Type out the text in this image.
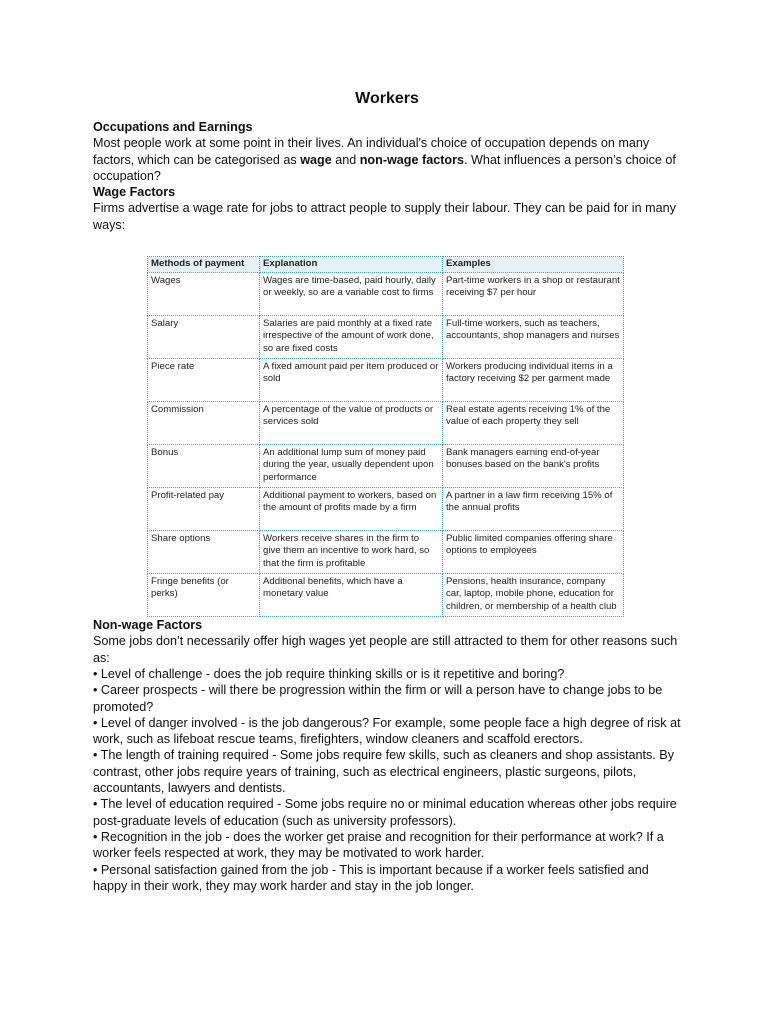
Workers

Occupations and Earnings

Most people work at some point in their lives. An individual's choice of occupation depends on many factors, which can be categorised as wage and non-wage factors. What influences a person’s choice of occupation?

Wage Factors

Firms advertise a wage rate for jobs to attract people to supply their labour. They can be paid for in many ways:

Methods of payment	Explanation	Examples
Wages	Wages are time-based, paid hourly, daily or weekly, so are a variable cost to firms	Part-time workers in a shop or restaurant receiving $7 per hour
Salary	Salaries are paid monthly at a fixed rate irrespective of the amount of work done, so are fixed costs	Full-time workers, such as teachers, accountants, shop managers and nurses
Piece rate	A fixed amount paid per item produced or sold	Workers producing individual items in a factory receiving $2 per garment made
Commission	A percentage of the value of products or services sold	Real estate agents receiving 1% of the value of each property they sell
Bonus	An additional lump sum of money paid during the year, usually dependent upon performance	Bank managers earning end-of-year bonuses based on the bank's profits
Profit-related pay	Additional payment to workers, based on the amount of profits made by a firm	A partner in a law firm receiving 15% of the annual profits
Share options	Workers receive shares in the firm to give them an incentive to work hard, so that the firm is profitable	Public limited companies offering share options to employees
Fringe benefits (or perks)	Additional benefits, which have a monetary value	Pensions, health insurance, company car, laptop, mobile phone, education for children, or membership of a health club

Non-wage Factors

Some jobs don’t necessarily offer high wages yet people are still attracted to them for other reasons such as:

• Level of challenge - does the job require thinking skills or is it repetitive and boring?

• Career prospects - will there be progression within the firm or will a person have to change jobs to be promoted?

• Level of danger involved - is the job dangerous? For example, some people face a high degree of risk at work, such as lifeboat rescue teams, firefighters, window cleaners and scaffold erectors.

• The length of training required - Some jobs require few skills, such as cleaners and shop assistants. By contrast, other jobs require years of training, such as electrical engineers, plastic surgeons, pilots, accountants, lawyers and dentists.

• The level of education required - Some jobs require no or minimal education whereas other jobs require post-graduate levels of education (such as university professors).

• Recognition in the job - does the worker get praise and recognition for their performance at work? If a worker feels respected at work, they may be motivated to work harder.

• Personal satisfaction gained from the job - This is important because if a worker feels satisfied and happy in their work, they may work harder and stay in the job longer.
